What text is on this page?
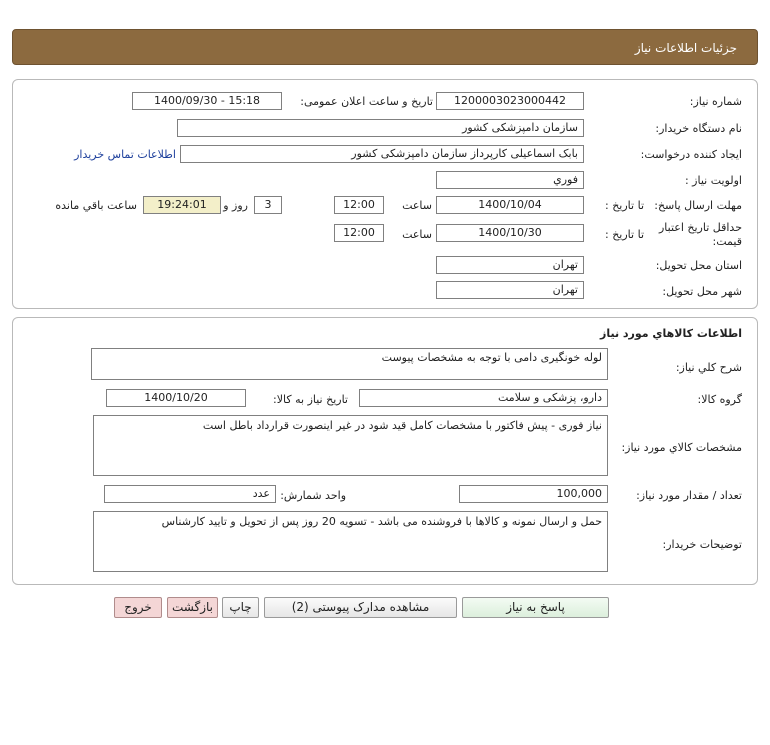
جزئیات اطلاعات نیاز
شماره نیاز:
1200003023000442
تاریخ و ساعت اعلان عمومی:
1400/09/30 - 15:18
نام دستگاه خریدار:
سازمان دامپزشکی کشور
ایجاد کننده درخواست:
بابک اسماعیلی کارپرداز سازمان دامپزشکی کشور
اطلاعات تماس خریدار
اولویت نیاز :
فوري
مهلت ارسال پاسخ:
تا تاریخ :
1400/10/04
ساعت
12:00
3
روز و
19:24:01
ساعت باقي مانده
حداقل تاریخ اعتبار قیمت:
تا تاریخ :
1400/10/30
ساعت
12:00
استان محل تحویل:
تهران
شهر محل تحویل:
تهران
اطلاعات کالاهاي مورد نياز
شرح کلي نياز:
لوله خونگیری دامی با توجه به مشخصات پیوست
گروه کالا:
دارو، پزشکی و سلامت
تاریخ نیاز به کالا:
1400/10/20
مشخصات کالاي مورد نياز:
نیاز فوری - پیش فاکتور با مشخصات کامل قید شود در غیر اینصورت قرارداد باطل است
تعداد / مقدار مورد نیاز:
100,000
واحد شمارش:
عدد
توضیحات خریدار:
حمل و ارسال نمونه و کالاها با فروشنده می باشد - تسویه 20 روز پس از تحویل و تایید کارشناس
پاسخ به نیاز
مشاهده مدارک پیوستی (2)
چاپ
بازگشت
خروج
